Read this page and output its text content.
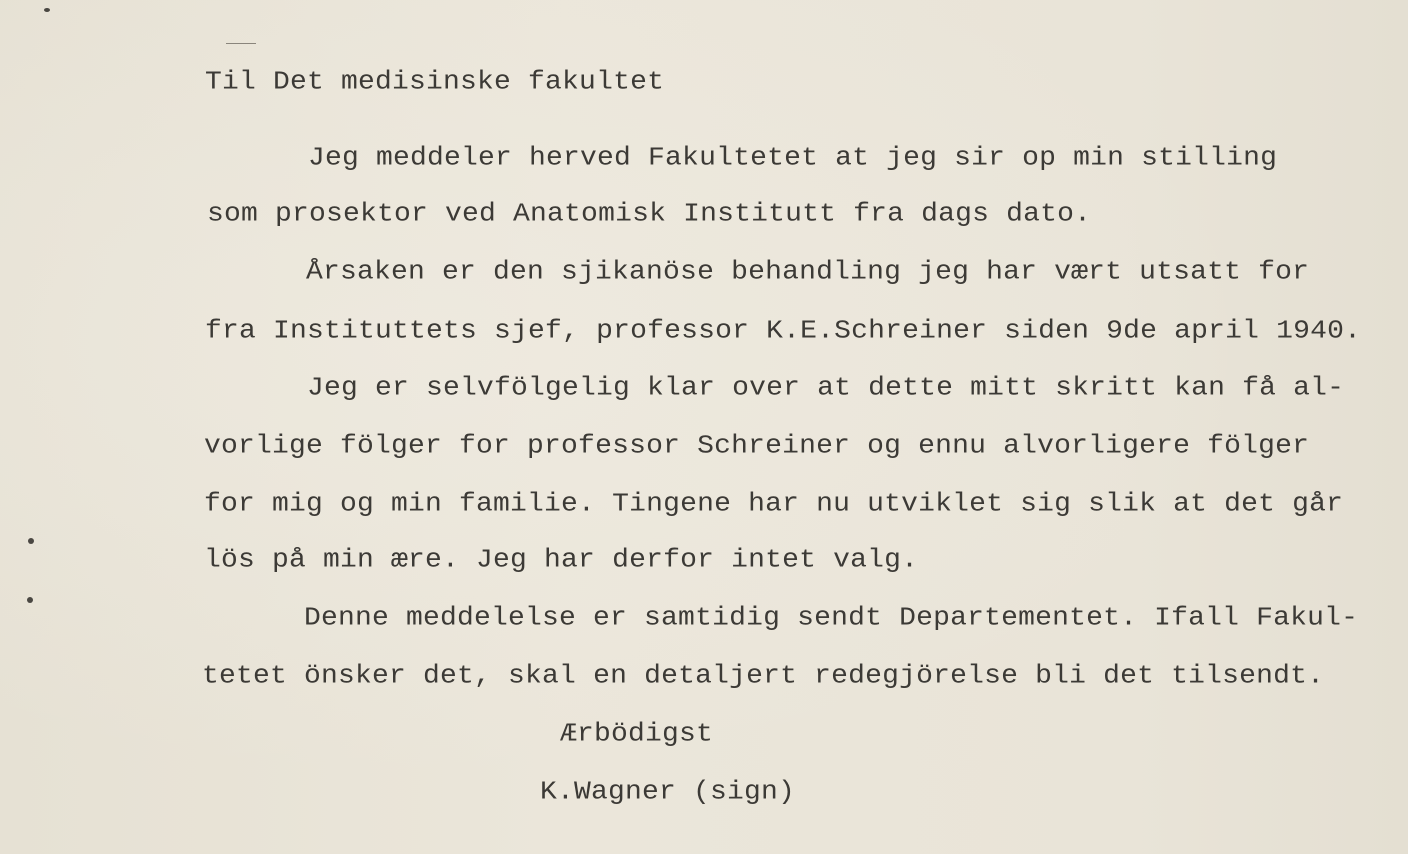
Til Det medisinske fakultet
Jeg meddeler herved Fakultetet at jeg sir op min stilling
som prosektor ved Anatomisk Institutt fra dags dato.
Årsaken er den sjikanöse behandling jeg har vært utsatt for
fra Instituttets sjef, professor K.E.Schreiner siden 9de april 1940.
Jeg er selvfölgelig klar over at dette mitt skritt kan få al-
vorlige fölger for professor Schreiner og ennu alvorligere fölger
for mig og min familie. Tingene har nu utviklet sig slik at det går
lös på min ære. Jeg har derfor intet valg.
Denne meddelelse er samtidig sendt Departementet. Ifall Fakul-
tetet önsker det, skal en detaljert redegjörelse bli det tilsendt.
Ærbödigst
K.Wagner (sign)
